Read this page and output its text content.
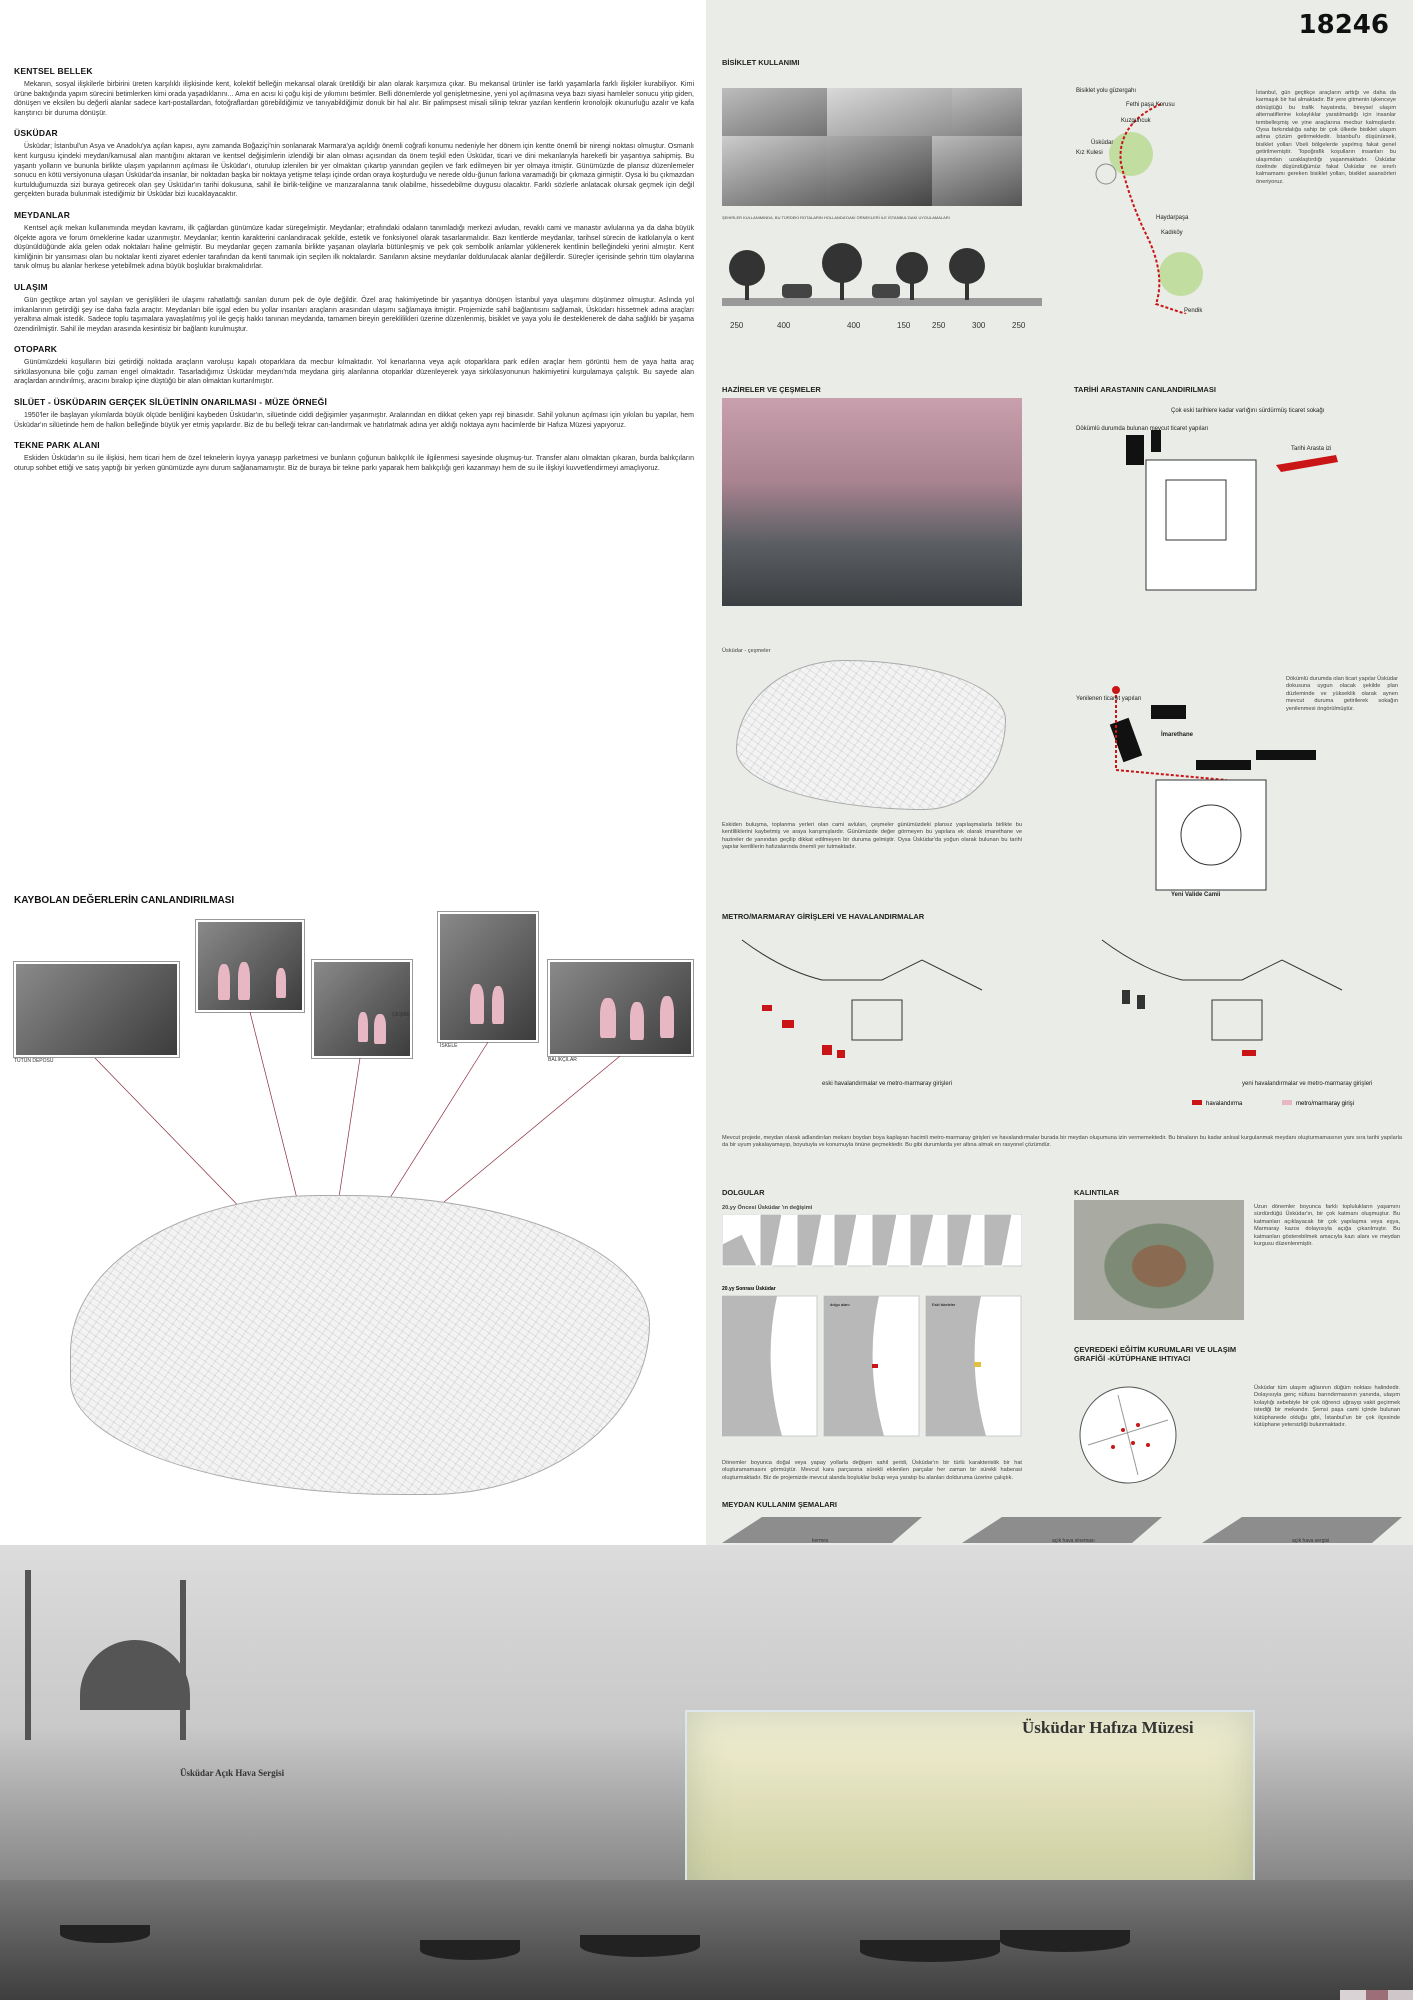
KENTSEL BELLEK

Mekanın, sosyal ilişkilerle birbirini üreten karşılıklı ilişkisinde kent, kolektif belleğin mekansal olarak üretildiği bir alan olarak karşımıza çıkar. Bu mekansal ürünler ise farklı yaşamlarla farklı ilişkiler kurabiliyor. Kimi ürüne baktığında yapım sürecini betimlerken kimi orada yaşadıklarını... Ama en acısı ki çoğu kişi de yıkımını betimler. Belli dönemlerde yol genişletmesine, yeni yol açılmasına veya bazı siyasi hamleler sonucu yitip giden, dönüşen ve eksilen bu değerli alanlar sadece kart-postallardan, fotoğraflardan görebildiğimiz ve tanıyabildiğimiz donuk bir hal alır. Bir palimpsest misali silinip tekrar yazılan kentlerin kronolojik okunurluğu azalır ve kafa karıştırıcı bir duruma dönüşür.

ÜSKÜDAR

Üsküdar; İstanbul'un Asya ve Anadolu'ya açılan kapısı, aynı zamanda Boğaziçi'nin sonlanarak Marmara'ya açıldığı önemli coğrafi konumu nedeniyle her dönem için kentte önemli bir nirengi noktası olmuştur. Osmanlı kent kurgusu içindeki meydan/kamusal alan mantığını aktaran ve kentsel değişimlerin izlendiği bir alan olması açısından da önem teşkil eden Üsküdar, ticari ve dini mekanlarıyla hareketli bir yaşantıya sahipmiş. Bu yaşantı yolların ve bununla birlikte ulaşım yapılarının açılması ile Üsküdar'ı, oturulup izlenilen bir yer olmaktan çıkartıp yanından geçilen ve fark edilmeyen bir yer olmaya itmiştir. Günümüzde de plansız düzenlemeler sonucu en kötü versiyonuna ulaşan Üsküdar'da insanlar, bir noktadan başka bir noktaya yetişme telaşı içinde ordan oraya koşturduğu ve nerede oldu-ğunun farkına varamadığı bir çıkmaza girmiştir. Oysa ki bu çıkmazdan kurtulduğumuzda sizi buraya getirecek olan şey Üsküdar'ın tarihi dokusuna, sahil ile birlik-teliğine ve manzaralarına tanık olabilme, hissedebilme duygusu olacaktır. Farklı sözlerle anlatacak olursak geçmek için değil gerçekten burada bulunmak istediğimiz bir Üsküdar bizi kucaklayacaktır.

MEYDANLAR

Kentsel açık mekan kullanımında meydan kavramı, ilk çağlardan günümüze kadar süregelmiştir. Meydanlar; etrafındaki odaların tanımladığı merkezi avludan, revaklı cami ve manastır avlularına ya da daha büyük ölçekte agora ve forum örneklerine kadar uzanmıştır. Meydanlar; kentin karakterini canlandıracak şekilde, estetik ve fonksiyonel olarak tasarlanmalıdır. Bazı kentlerde meydanlar, tarihsel sürecin de katkılarıyla o kent düşünüldüğünde akla gelen odak noktaları haline gelmiştir. Bu meydanlar geçen zamanla birlikte yaşanan olaylarla bütünleşmiş ve pek çok sembolik anlamlar yüklenerek kentlinin belleğindeki yerini almıştır. Kent kimliğinin bir yansıması olan bu noktalar kenti ziyaret edenler tarafından da kenti tanımak için seçilen ilk noktalardır. Sanılanın aksine meydanlar doldurulacak alanlar değillerdir. Süreçler içerisinde şehrin tüm olaylarına tanık olmuş bu alanlar herkese yetebilmek adına büyük boşluklar bırakmalıdırlar.

ULAŞIM

Gün geçtikçe artan yol sayıları ve genişlikleri ile ulaşımı rahatlattığı sanılan durum pek de öyle değildir. Özel araç hakimiyetinde bir yaşantıya dönüşen İstanbul yaya ulaşımını düşünmez olmuştur. Aslında yol imkanlarının getirdiği şey ise daha fazla araçtır. Meydanları bile işgal eden bu yollar insanları araçların arasından ulaşımı sağlamaya itmiştir. Projemizde sahil bağlantısını sağlamak, Üsküdarı hissetmek adına araçları yeraltına almak istedik. Sadece toplu taşımalara yavaşlatılmış yol ile geçiş hakkı tanınan meydanda, tamamen bireyin gereklilikleri üzerine düzenlenmiş, bisiklet ve yaya yolu ile desteklenerek de daha sağlıklı bir yaşama özendirilmiştir. Sahil ile meydan arasında kesintisiz bir bağlantı kurulmuştur.

OTOPARK

Günümüzdeki koşulların bizi getirdiği noktada araçların varoluşu kapalı otoparklara da mecbur kılmaktadır. Yol kenarlarına veya açık otoparklara park edilen araçlar hem görüntü hem de yaya hatta araç sirkülasyonuna bile çoğu zaman engel olmaktadır. Tasarladığımız Üsküdar meydanı'nda meydana giriş alanlarına otoparklar düzenleyerek yaya sirkülasyonunun hakimiyetini kurgulamaya çalıştık. Bu sayede alan araçlardan arındırılmış, aracını bırakıp içine düştüğü bir alan olmaktan kurtarılmıştır.

SİLÜET - ÜSKÜDARIN GERÇEK SİLÜETİNİN ONARILMASI - MÜZE ÖRNEĞİ

1950'ler ile başlayan yıkımlarda büyük ölçüde benliğini kaybeden Üsküdar'ın, silüetinde ciddi değişimler yaşanmıştır. Aralarından en dikkat çeken yapı reji binasıdır. Sahil yolunun açılması için yıkılan bu yapılar, hem Üsküdar'ın silüetinde hem de halkın belleğinde büyük yer etmiş yapılardır. Biz de bu belleği tekrar can-landırmak ve hatırlatmak adına yer aldığı noktaya aynı hacimlerde bir Hafıza Müzesi yapıyoruz.

TEKNE PARK ALANI

Eskiden Üsküdar'ın su ile ilişkisi, hem ticari hem de özel teknelerin kıyıya yanaşıp parketmesi ve bunların çoğunun balıkçılık ile ilgilenmesi sayesinde oluşmuş-tur. Transfer alanı olmaktan çıkaran, burda balıkçıların oturup sohbet ettiği ve satış yaptığı bir yerken günümüzde aynı durum sağlanamamıştır. Biz de buraya bir tekne parkı yaparak hem balıkçılığı geri kazanmayı hem de su ile ilişkiyi kuvvetlendirmeyi amaçlıyoruz.

KAYBOLAN DEĞERLERİN CANLANDIRILMASI
TÜTÜN DEPOSU
ÇEŞME
İSKELE
BALIKÇILAR
18246
BİSİKLET KULLANIMI
ŞEHİRLER KULLANIMINDA, BU TÜRDEKİ ROTALARIN HOLLANDA'DAKİ ÖRNEKLERİ İLE İSTANBUL'DAKİ UYGULAMALARI
250	400	400	150	250	300	250
Bisiklet yolu güzergahı
Fethi paşa Korusu
Kuzguncuk
Üsküdar
Kız Kulesi
Haydarpaşa
Kadıköy
Pendik
İstanbul, gün geçtikçe araçların arttığı ve daha da karmaşık bir hal almaktadır. Bir yere gitmenin işkenceye dönüştüğü bu trafik hayatında, bireysel ulaşım alternatiflerine kolaylıklar yaratılmadığı için insanlar tembelleşmiş ve yine araçlarına mecbur kalmışlardır. Oysa farkındalığa sahip bir çok ülkede bisiklet ulaşım adına çözüm getirmektedir. İstanbul'u düşünürsek, bisiklet yolları Vbeli bölgelerde yapılmış fakat genel getirilmemiştir. Topoğrafik koşulların insanları bu ulaşımdan uzaklaştırdığı yaşanmaktadır. Üsküdar özelinde düşündüğümüz fakat Üsküdar ne sınırlı kalmamamı gereken bisiklet yolları, bisiklet asansörleri öneriyoruz.
HAZİRELER VE ÇEŞMELER
Üsküdar - çeşmeler
Eskiden buluşma, toplanma yerleri olan cami avluları, çeşmeler günümüzdeki plansız yapılaşmalarla birlikte bu kentliliklerini kaybetmiş ve araya karışmışlardır. Günümüzde değer görmeyen bu yapılara ek olarak imarethane ve hazireler de yanından geçilip dikkat edilmeyen bir duruma gelmiştir. Oysa Üsküdar'da yoğun olarak bulunan bu tarihi yapılar kentlilerin hafızalarında önemli yer tutmaktadır.
TARİHİ ARASTANIN CANLANDIRILMASI
Dökümlü durumda bulunan mevcut ticaret yapıları
Çok eski tarihlere kadar varlığını sürdürmüş ticaret sokağı
Tarihi Arasta izi
Yenilenen ticaret yapıları
İmarethane
Yeni Valide Camii
Dökümlü durumda olan ticari yapılar Üsküdar dokusuna uygun olacak şekilde plan düzleminde ve yükseklik olarak aynen mevcut duruma getirilerek sokağın yenilenmesi öngörülmüştür.
METRO/MARMARAY GİRİŞLERİ VE HAVALANDIRMALAR
eski havalandırmalar ve metro-marmaray girişleri	yeni havalandırmalar ve metro-marmaray girişleri
havalandırma	metro/marmaray girişi
Mevcut projede, meydan olarak adlandırılan mekanı boydan boya kaplayan hacimli metro-marmaray girişleri ve havalandırmalar burada bir meydan oluşumuna izin vermemektedir. Bu binaların bu kadar anlısal kurgulanmak meydanı oluşturmamasının yanı sıra tarihi yapılarla da bir uyum yakalayamayıp, boyutuyla ve konumuyla önüne geçmektedir. Bu gibi durumlarda yer altına almak en rasyonel çözümdür.
DOLGULAR
20.yy Öncesi Üsküdar 'ın değişimi
20.yy Sonrası Üsküdar
dolgu alanı	Eski iskeleler
Dönemler boyunca doğal veya yapay yollarla değişen sahil şeridi, Üsküdar'ın bir türlü karakteristik bir hat oluşturamamasını görmüştür. Mevcut kara parçasına sürekli eklenilen parçalar her zaman bir sürekli haberasi oluşturmaktadır. Biz de projemizde mevcut alanda boşluklar bulup veya yaratıp bu alanları dolduruma üzerine çalıştık.
KALINTILAR
Uzun dönemler boyunca farklı toplulukların yaşamını sürdürdüğü Üsküdar'ın, bir çok katmanı oluşmuştur. Bu katmanları açıklayacak bir çok yapılaşma veya eşya, Marmaray kazısı dolayısıyla açığa çıkarılmıştır. Bu katmanları gösterebilmek amacıyla kazı alanı ve meydan kurgusu düzenlenmiştir.
ÇEVREDEKİ EĞİTİM KURUMLARI VE ULAŞIM GRAFİĞİ -KÜTÜPHANE IHTIYACI
Üsküdar tüm ulaşım ağlarının düğüm noktası halindedir. Dolayısıyla genç nüfusu barındırmasının yanında, ulaşım kolaylığı sebebiyle bir çok öğrenci uğrayıp vakit geçirmek istediği bir mekandır. Şemsi paşa cami içinde bulunan kütüphanede olduğu gibi, İstanbul'un bir çok ilçesinde kütüphane yetersizliği bulunmaktadır.
MEYDAN KULLANIM ŞEMALARI
Üsküdar Açık Hava Sergisi
Üsküdar Hafıza Müzesi
kermes	açık hava sineması	açık hava sergisi
